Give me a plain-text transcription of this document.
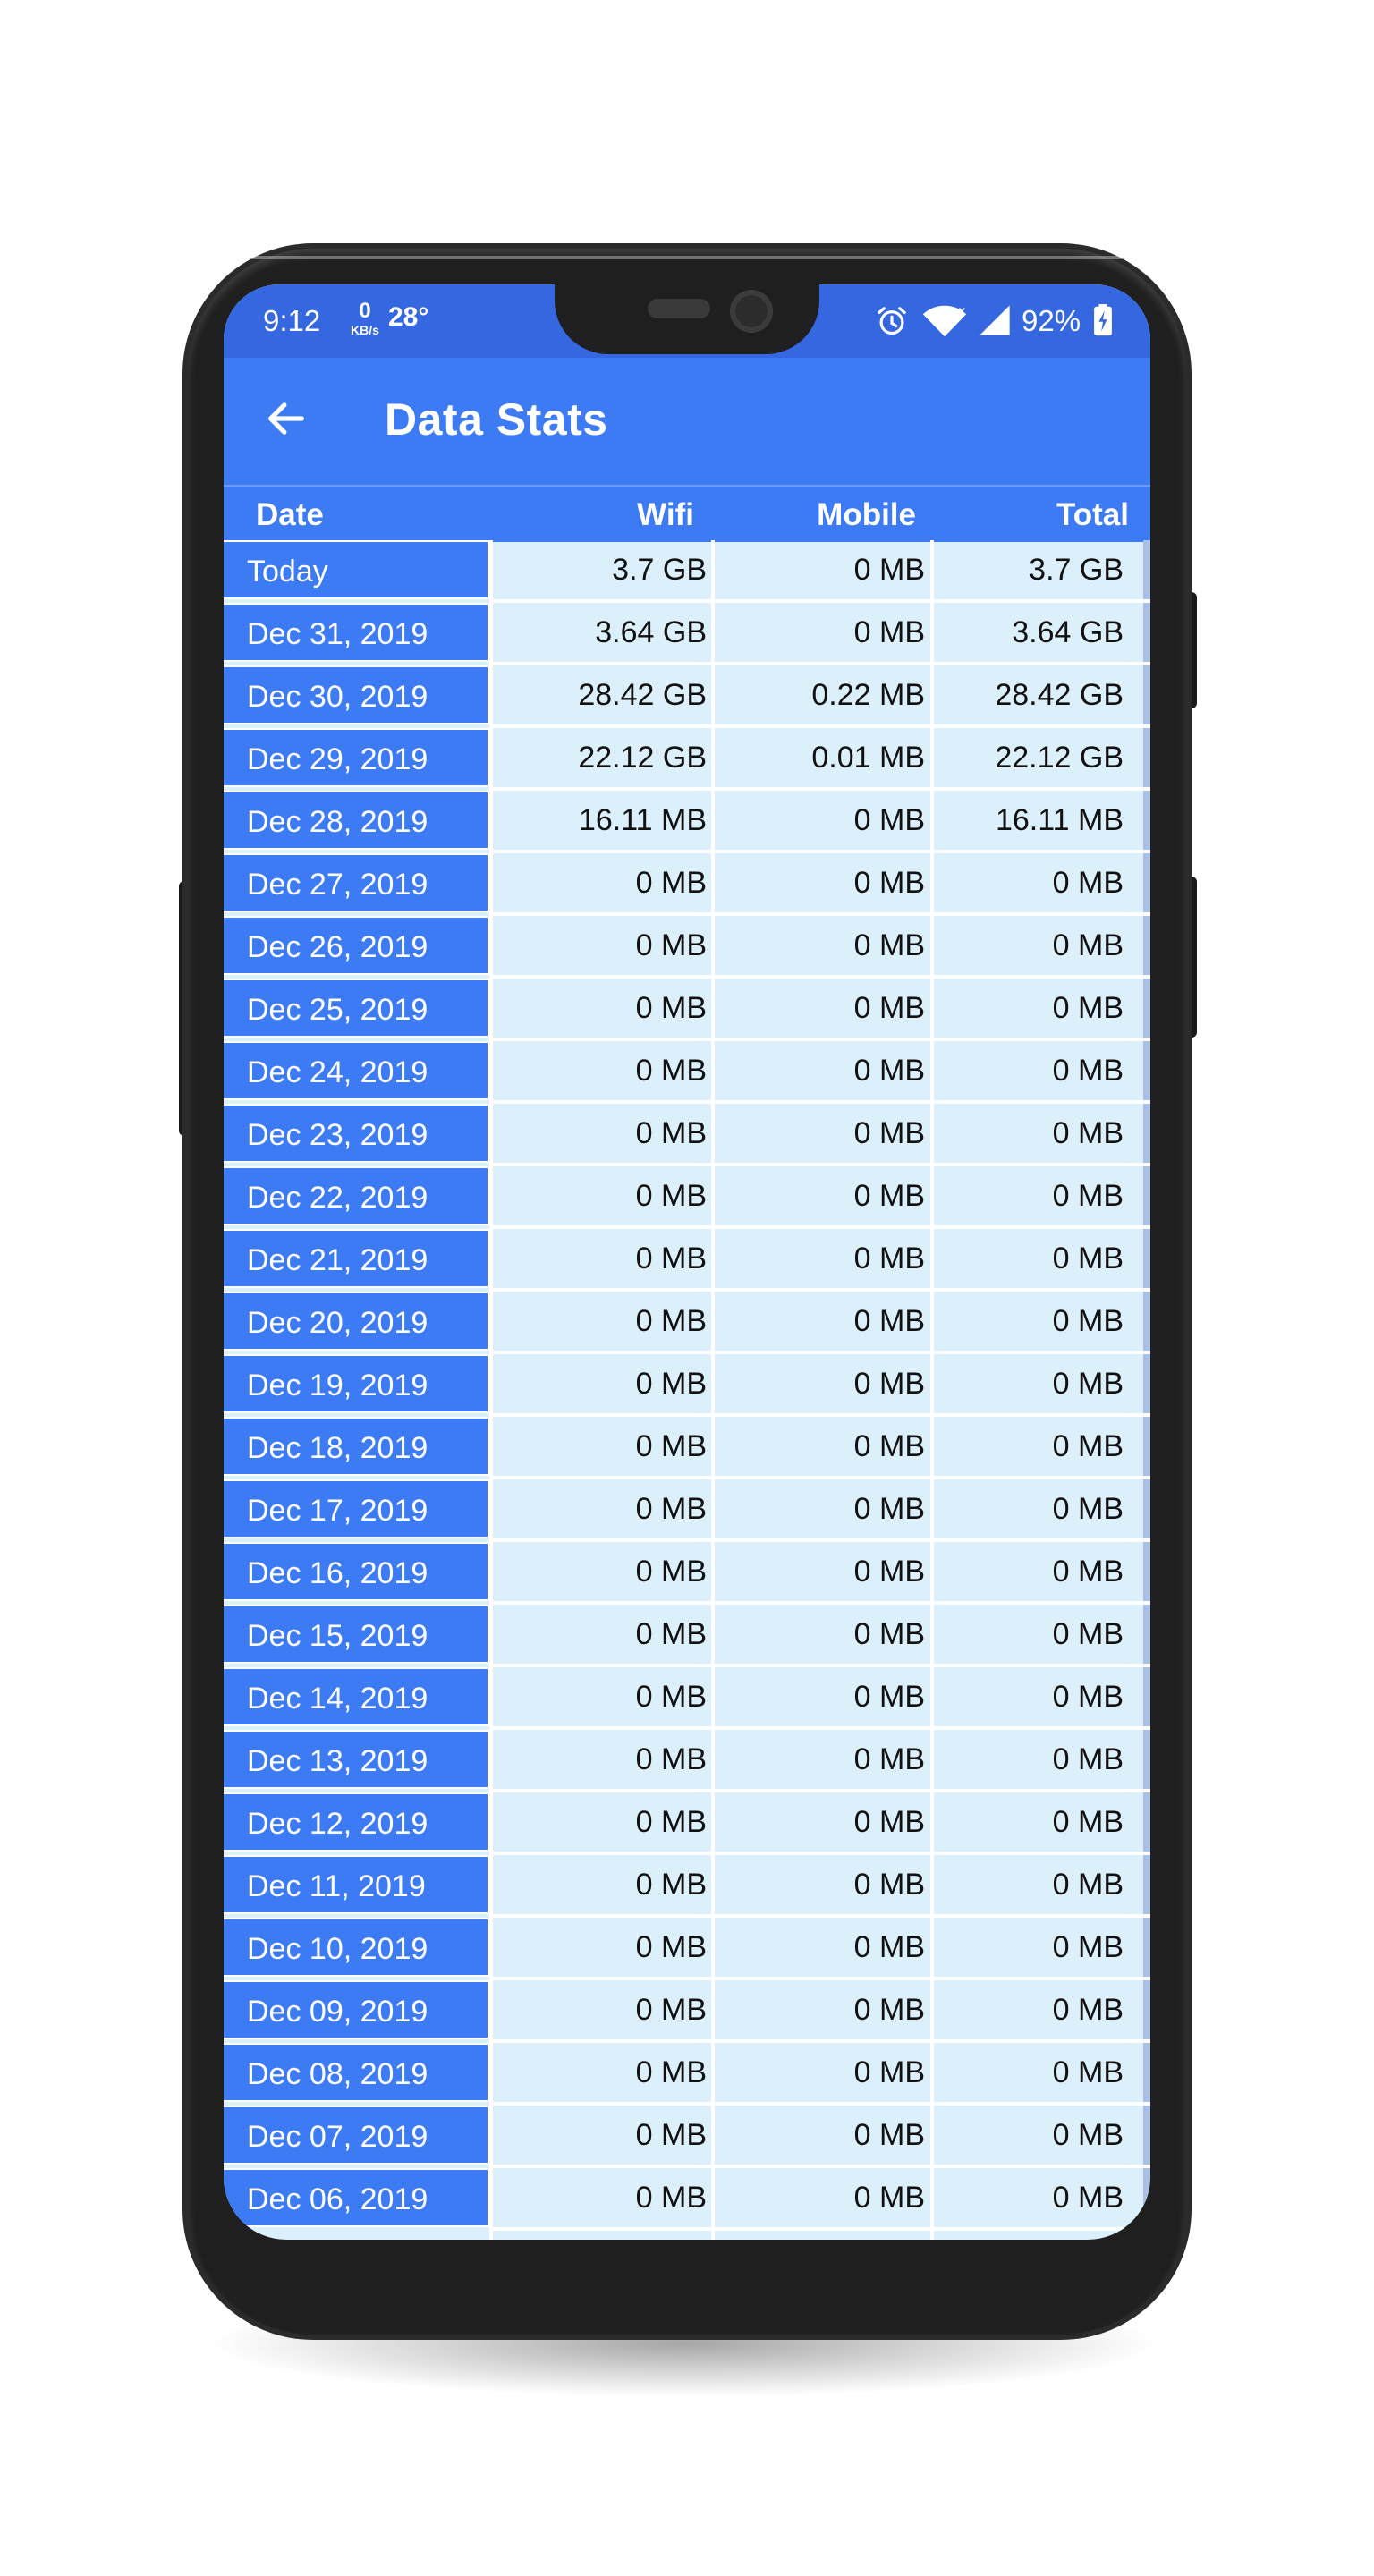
9:12	0
KB/s 28°	x 92%
Data Stats
Date	Wifi	Mobile	Total
Today	3.7 GB	0 MB	3.7 GB
Dec 31, 2019	3.64 GB	0 MB	3.64 GB
Dec 30, 2019	28.42 GB	0.22 MB	28.42 GB
Dec 29, 2019	22.12 GB	0.01 MB	22.12 GB
Dec 28, 2019	16.11 MB	0 MB	16.11 MB
Dec 27, 2019	0 MB	0 MB	0 MB
Dec 26, 2019	0 MB	0 MB	0 MB
Dec 25, 2019	0 MB	0 MB	0 MB
Dec 24, 2019	0 MB	0 MB	0 MB
Dec 23, 2019	0 MB	0 MB	0 MB
Dec 22, 2019	0 MB	0 MB	0 MB
Dec 21, 2019	0 MB	0 MB	0 MB
Dec 20, 2019	0 MB	0 MB	0 MB
Dec 19, 2019	0 MB	0 MB	0 MB
Dec 18, 2019	0 MB	0 MB	0 MB
Dec 17, 2019	0 MB	0 MB	0 MB
Dec 16, 2019	0 MB	0 MB	0 MB
Dec 15, 2019	0 MB	0 MB	0 MB
Dec 14, 2019	0 MB	0 MB	0 MB
Dec 13, 2019	0 MB	0 MB	0 MB
Dec 12, 2019	0 MB	0 MB	0 MB
Dec 11, 2019	0 MB	0 MB	0 MB
Dec 10, 2019	0 MB	0 MB	0 MB
Dec 09, 2019	0 MB	0 MB	0 MB
Dec 08, 2019	0 MB	0 MB	0 MB
Dec 07, 2019	0 MB	0 MB	0 MB
Dec 06, 2019	0 MB	0 MB	0 MB
